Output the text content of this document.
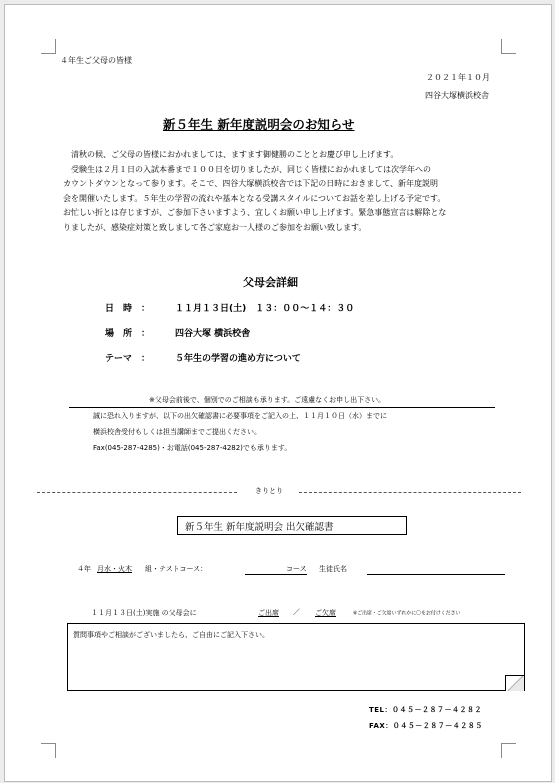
４年生ご父母の皆様
２０２１年１０月
四谷大塚横浜校舎
新５年生 新年度説明会のお知らせ

清秋の候、ご父母の皆様におかれましては、ますます御健勝のこととお慶び申し上げます。

受験生は２月１日の入試本番まで１００日を切りましたが、同じく皆様におかれましては次学年への

カウントダウンとなって参ります。そこで、四谷大塚横浜校舎では下記の日時におきまして、新年度説明

会を開催いたします。５年生の学習の流れや基本となる受講スタイルについてお話を差し上げる予定です。

お忙しい折とは存じますが、ご参加下さいますよう、宜しくお願い申し上げます。緊急事態宣言は解除とな

りましたが、感染症対策と致しまして各ご家庭お一人様のご参加をお願い致します。

父母会詳細
日　時　：	１１月１３日(土)　１３：００～１４：３０
場　所　：	四谷大塚 横浜校舎
テーマ　：	５年生の学習の進め方について
※父母会前後で、個別でのご相談も承ります。ご遠慮なくお申し出下さい。
誠に恐れ入りますが、以下の出欠確認書に必要事項をご記入の上、１１月１０日（水）までに
横浜校舎受付もしくは担当講師までご提出ください。
Fax(045-287-4285)・お電話(045-287-4282)でも承ります。
きりとり
新５年生 新年度説明会 出欠確認書
４年 月水・火木 組・テストコース：	コース 生徒氏名
１１月１３日(土)実施 の父母会に	ご出席 ／ ご欠席	※ご出席・ご欠席いずれかに〇をお付けください
質問事項やご相談がございましたら、ご自由にご記入下さい。
TEL：０４５－２８７－４２８２
FAX：０４５－２８７－４２８５
